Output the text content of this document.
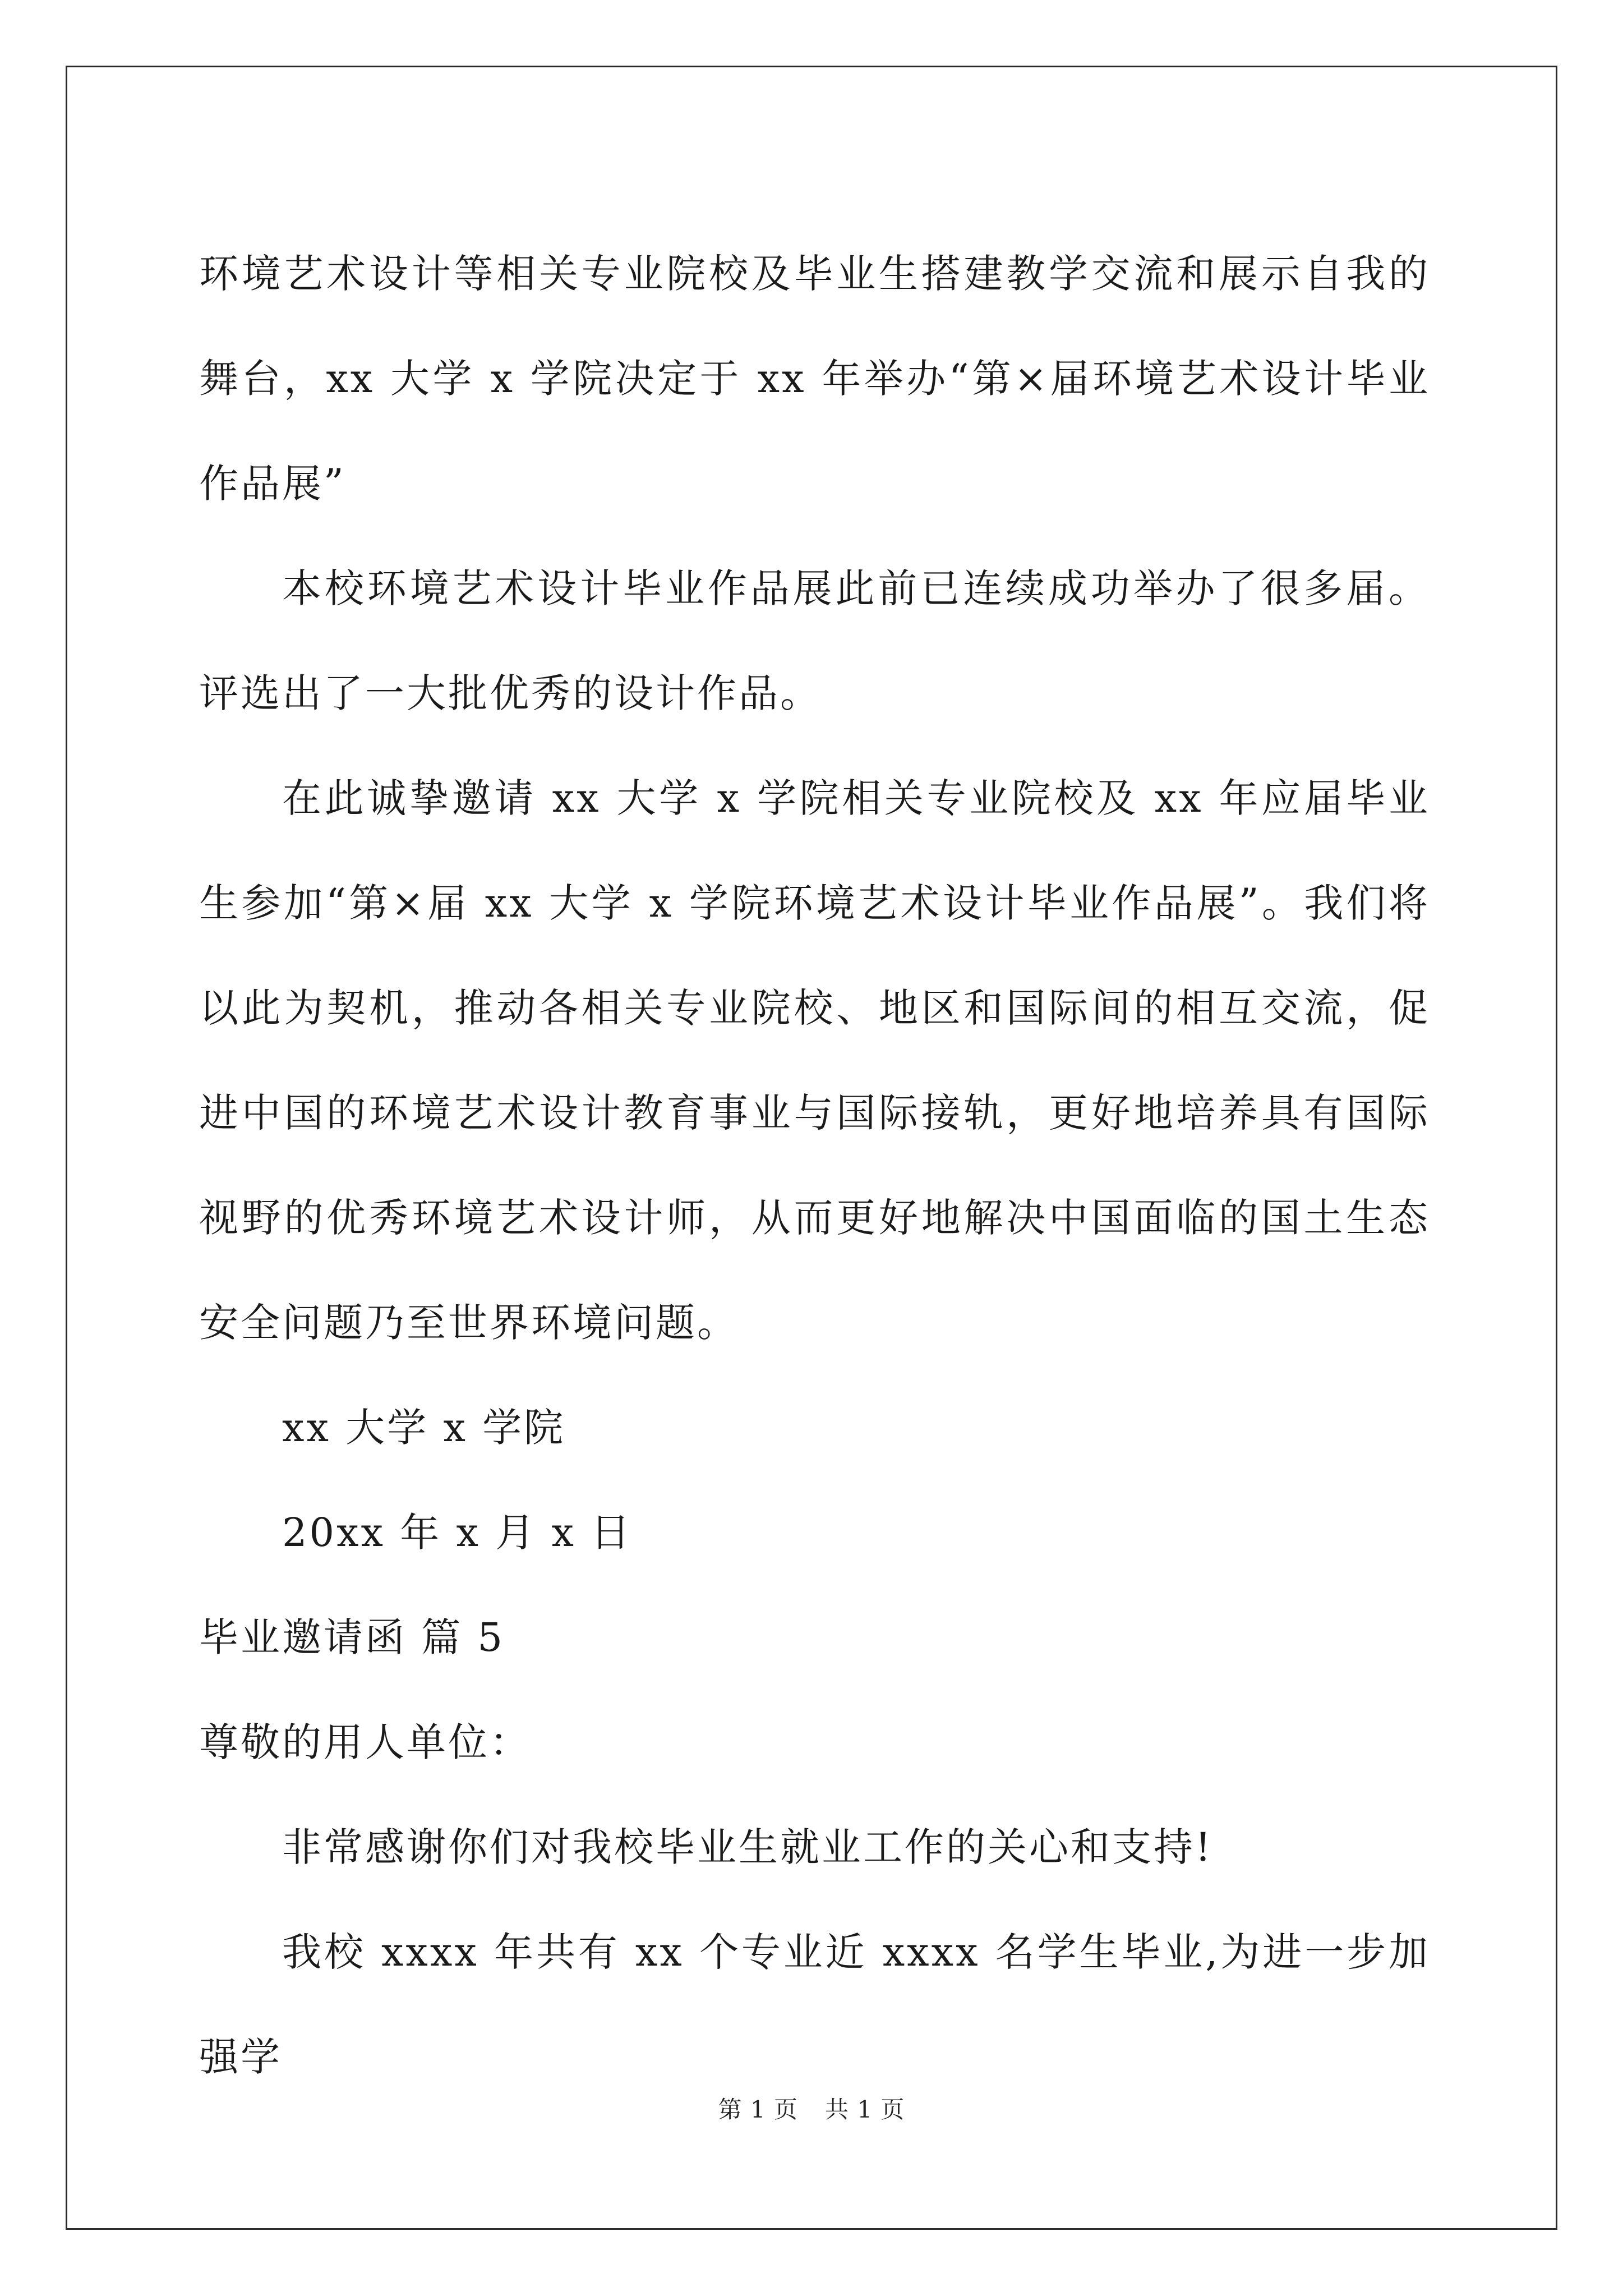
环境艺术设计等相关专业院校及毕业生搭建教学交流和展示自我的舞台，xx 大学 x 学院决定于 xx 年举办“第×届环境艺术设计毕业作品展”

本校环境艺术设计毕业作品展此前已连续成功举办了很多届。评选出了一大批优秀的设计作品。

在此诚挚邀请 xx 大学 x 学院相关专业院校及 xx 年应届毕业生参加“第×届 xx 大学 x 学院环境艺术设计毕业作品展”。我们将以此为契机，推动各相关专业院校、地区和国际间的相互交流，促进中国的环境艺术设计教育事业与国际接轨，更好地培养具有国际视野的优秀环境艺术设计师，从而更好地解决中国面临的国土生态安全问题乃至世界环境问题。

xx 大学 x 学院

20xx 年 x 月 x 日

毕业邀请函 篇 5

尊敬的用人单位：

非常感谢你们对我校毕业生就业工作的关心和支持!

我校 xxxx 年共有 xx 个专业近 xxxx 名学生毕业,为进一步加强学

第 1 页 共 1 页
